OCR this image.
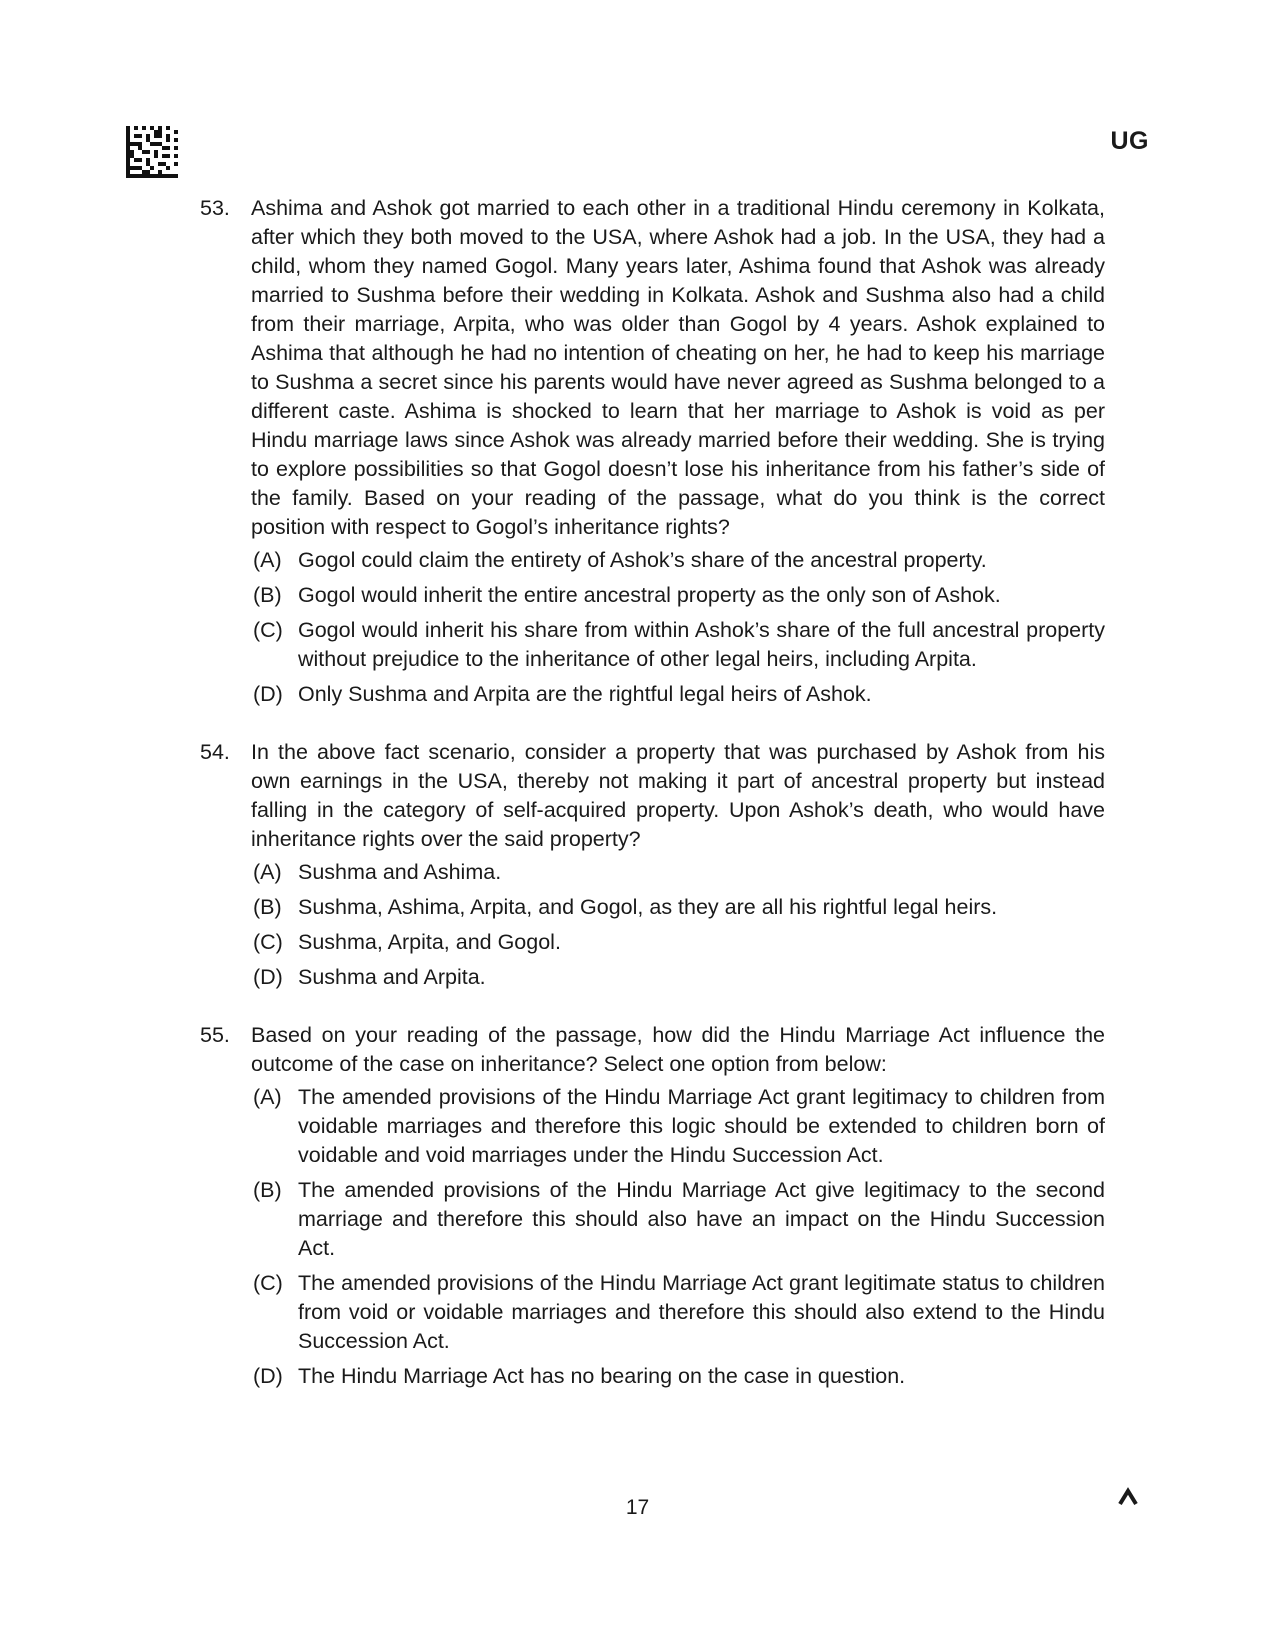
UG
53. Ashima and Ashok got married to each other in a traditional Hindu ceremony in Kolkata, after which they both moved to the USA, where Ashok had a job. In the USA, they had a child, whom they named Gogol. Many years later, Ashima found that Ashok was already married to Sushma before their wedding in Kolkata. Ashok and Sushma also had a child from their marriage, Arpita, who was older than Gogol by 4 years. Ashok explained to Ashima that although he had no intention of cheating on her, he had to keep his marriage to Sushma a secret since his parents would have never agreed as Sushma belonged to a different caste. Ashima is shocked to learn that her marriage to Ashok is void as per Hindu marriage laws since Ashok was already married before their wedding. She is trying to explore possibilities so that Gogol doesn’t lose his inheritance from his father’s side of the family. Based on your reading of the passage, what do you think is the correct position with respect to Gogol’s inheritance rights?
(A) Gogol could claim the entirety of Ashok’s share of the ancestral property.
(B) Gogol would inherit the entire ancestral property as the only son of Ashok.
(C) Gogol would inherit his share from within Ashok’s share of the full ancestral property without prejudice to the inheritance of other legal heirs, including Arpita.
(D) Only Sushma and Arpita are the rightful legal heirs of Ashok.
54. In the above fact scenario, consider a property that was purchased by Ashok from his own earnings in the USA, thereby not making it part of ancestral property but instead falling in the category of self-acquired property. Upon Ashok’s death, who would have inheritance rights over the said property?
(A) Sushma and Ashima.
(B) Sushma, Ashima, Arpita, and Gogol, as they are all his rightful legal heirs.
(C) Sushma, Arpita, and Gogol.
(D) Sushma and Arpita.
55. Based on your reading of the passage, how did the Hindu Marriage Act influence the outcome of the case on inheritance? Select one option from below:
(A) The amended provisions of the Hindu Marriage Act grant legitimacy to children from voidable marriages and therefore this logic should be extended to children born of voidable and void marriages under the Hindu Succession Act.
(B) The amended provisions of the Hindu Marriage Act give legitimacy to the second marriage and therefore this should also have an impact on the Hindu Succession Act.
(C) The amended provisions of the Hindu Marriage Act grant legitimate status to children from void or voidable marriages and therefore this should also extend to the Hindu Succession Act.
(D) The Hindu Marriage Act has no bearing on the case in question.
17
